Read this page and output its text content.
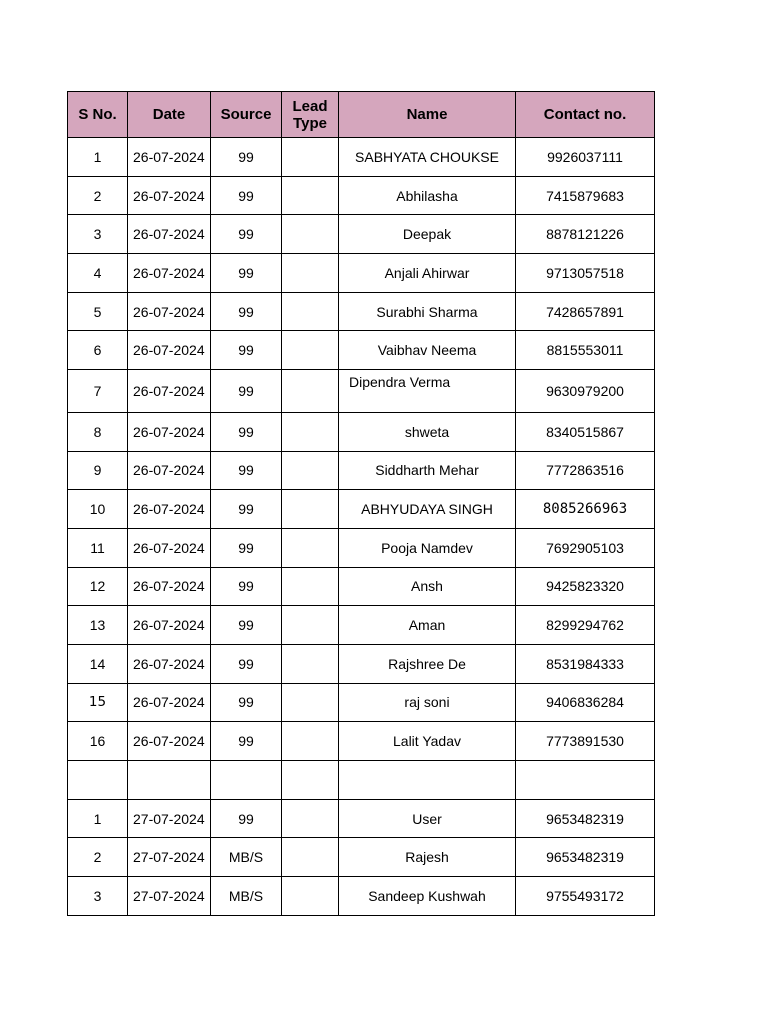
S No.	Date	Source	Lead Type	Name	Contact no.
1	26-07-2024	99		SABHYATA CHOUKSE	9926037111
2	26-07-2024	99		Abhilasha	7415879683
3	26-07-2024	99		Deepak	8878121226
4	26-07-2024	99		Anjali Ahirwar	9713057518
5	26-07-2024	99		Surabhi Sharma	7428657891
6	26-07-2024	99		Vaibhav Neema	8815553011
7	26-07-2024	99		Dipendra Verma	9630979200
8	26-07-2024	99		shweta	8340515867
9	26-07-2024	99		Siddharth Mehar	7772863516
10	26-07-2024	99		ABHYUDAYA SINGH	8085266963
11	26-07-2024	99		Pooja Namdev	7692905103
12	26-07-2024	99		Ansh	9425823320
13	26-07-2024	99		Aman	8299294762
14	26-07-2024	99		Rajshree De	8531984333
15	26-07-2024	99		raj soni	9406836284
16	26-07-2024	99		Lalit Yadav	7773891530

1	27-07-2024	99		User	9653482319
2	27-07-2024	MB/S		Rajesh	9653482319
3	27-07-2024	MB/S		Sandeep Kushwah	9755493172
